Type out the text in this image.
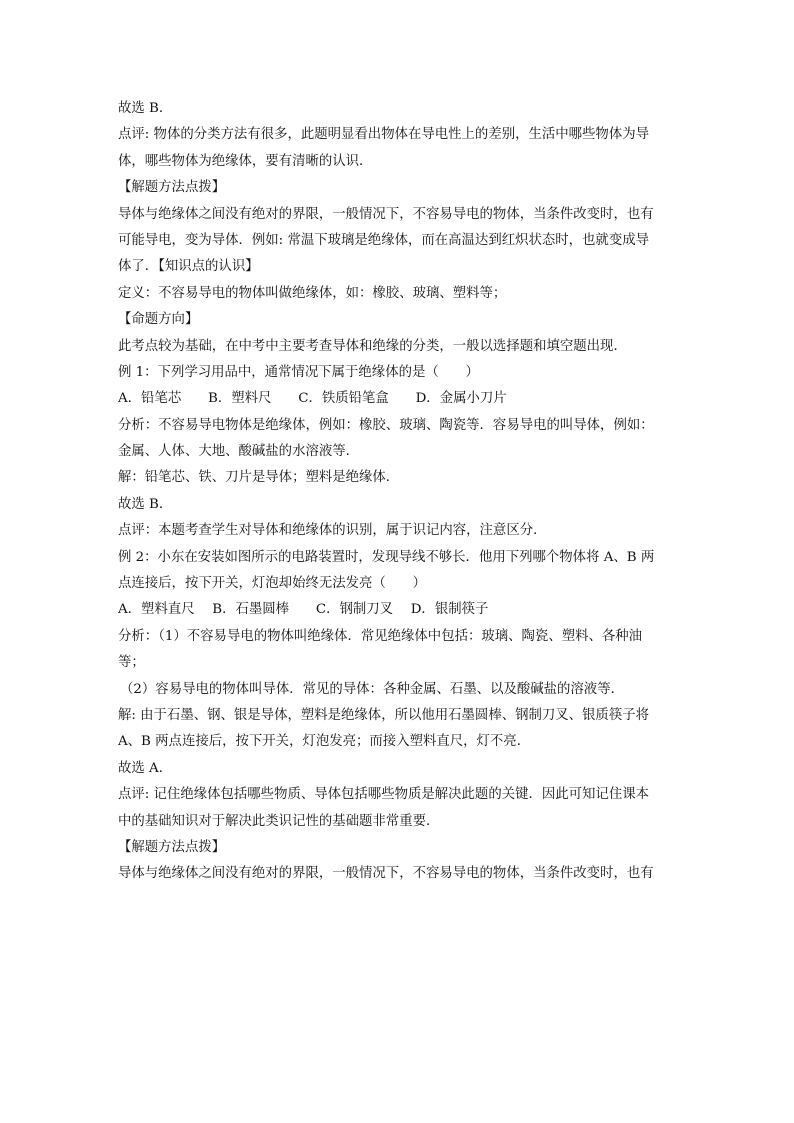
故选 B．
点评: 物体的分类方法有很多，此题明显看出物体在导电性上的差别，生活中哪些物体为导
体，哪些物体为绝缘体，要有清晰的认识．
【解题方法点拨】
导体与绝缘体之间没有绝对的界限，一般情况下，不容易导电的物体，当条件改变时，也有
可能导电，变为导体．例如: 常温下玻璃是绝缘体，而在高温达到红炽状态时，也就变成导
体了．【知识点的认识】
定义：不容易导电的物体叫做绝缘体，如：橡胶、玻璃、塑料等；
【命题方向】
此考点较为基础，在中考中主要考查导体和绝缘的分类，一般以选择题和填空题出现．
例 1：下列学习用品中，通常情况下属于绝缘体的是（　　）
A．铅笔芯　　B．塑料尺　　C．铁质铅笔盒　　D．金属小刀片
分析：不容易导电物体是绝缘体，例如：橡胶、玻璃、陶瓷等．容易导电的叫导体，例如：
金属、人体、大地、酸碱盐的水溶液等．
解：铅笔芯、铁、刀片是导体；塑料是绝缘体．
故选 B．
点评：本题考查学生对导体和绝缘体的识别，属于识记内容，注意区分．
例 2：小东在安装如图所示的电路装置时，发现导线不够长．他用下列哪个物体将 A、B 两
点连接后，按下开关，灯泡却始终无法发亮（　　）
A．塑料直尺　 B．石墨圆棒　　C．钢制刀叉　 D．银制筷子
分析：（1）不容易导电的物体叫绝缘体．常见绝缘体中包括：玻璃、陶瓷、塑料、各种油
等；
（2）容易导电的物体叫导体．常见的导体：各种金属、石墨、以及酸碱盐的溶液等．
解: 由于石墨、钢、银是导体，塑料是绝缘体，所以他用石墨圆棒、钢制刀叉、银质筷子将
A、B 两点连接后，按下开关，灯泡发亮；而接入塑料直尺，灯不亮．
故选 A．
点评: 记住绝缘体包括哪些物质、导体包括哪些物质是解决此题的关键．因此可知记住课本
中的基础知识对于解决此类识记性的基础题非常重要．
【解题方法点拨】
导体与绝缘体之间没有绝对的界限，一般情况下，不容易导电的物体，当条件改变时，也有
